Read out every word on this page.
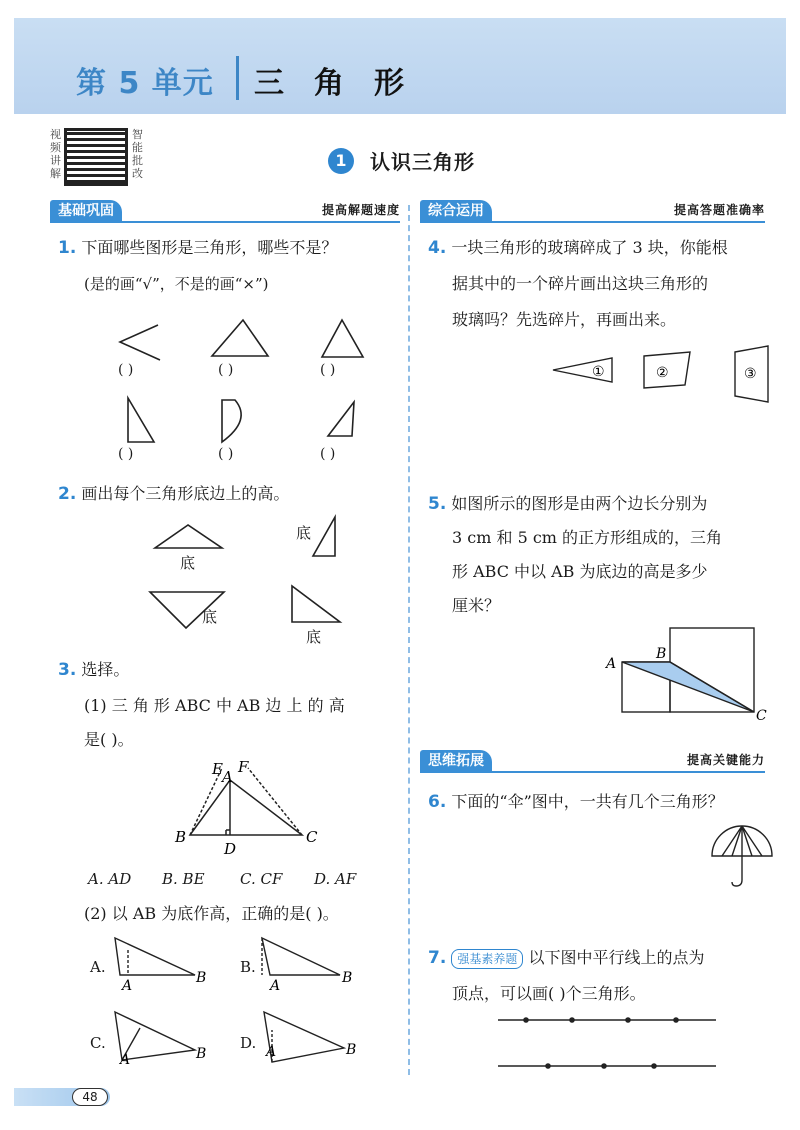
第 5 单元 三角形
视频讲解
智能批改
1	认识三角形
基础巩固	提高解题速度	综合运用	提高答题准确率
思维拓展	提高关键能力
1. 下面哪些图形是三角形，哪些不是？
(是的画“√”，不是的画“×”)
( )	( )	( )
( )	( )	( )
2. 画出每个三角形底边上的高。
底
底
底
底
3. 选择。
(1) 三 角 形 ABC 中 AB 边 上 的 高
是( )。
B	C
D
A
E F
A. AD B. BE C. CF D. AF
(2) 以 AB 为底作高，正确的是( )。
A.	B.
C.	D.
A	B	A	B
A	B	A	B
4. 一块三角形的玻璃碎成了 3 块，你能根
据其中的一个碎片画出这块三角形的
玻璃吗？先选碎片，再画出来。
①	②	③
5. 如图所示的图形是由两个边长分别为
3 cm 和 5 cm 的正方形组成的，三角
形 ABC 中以 AB 为底边的高是多少
厘米？
A
B
C
6. 下面的“伞”图中，一共有几个三角形？
7. 强基素养题 以下图中平行线上的点为
顶点，可以画( )个三角形。
48
